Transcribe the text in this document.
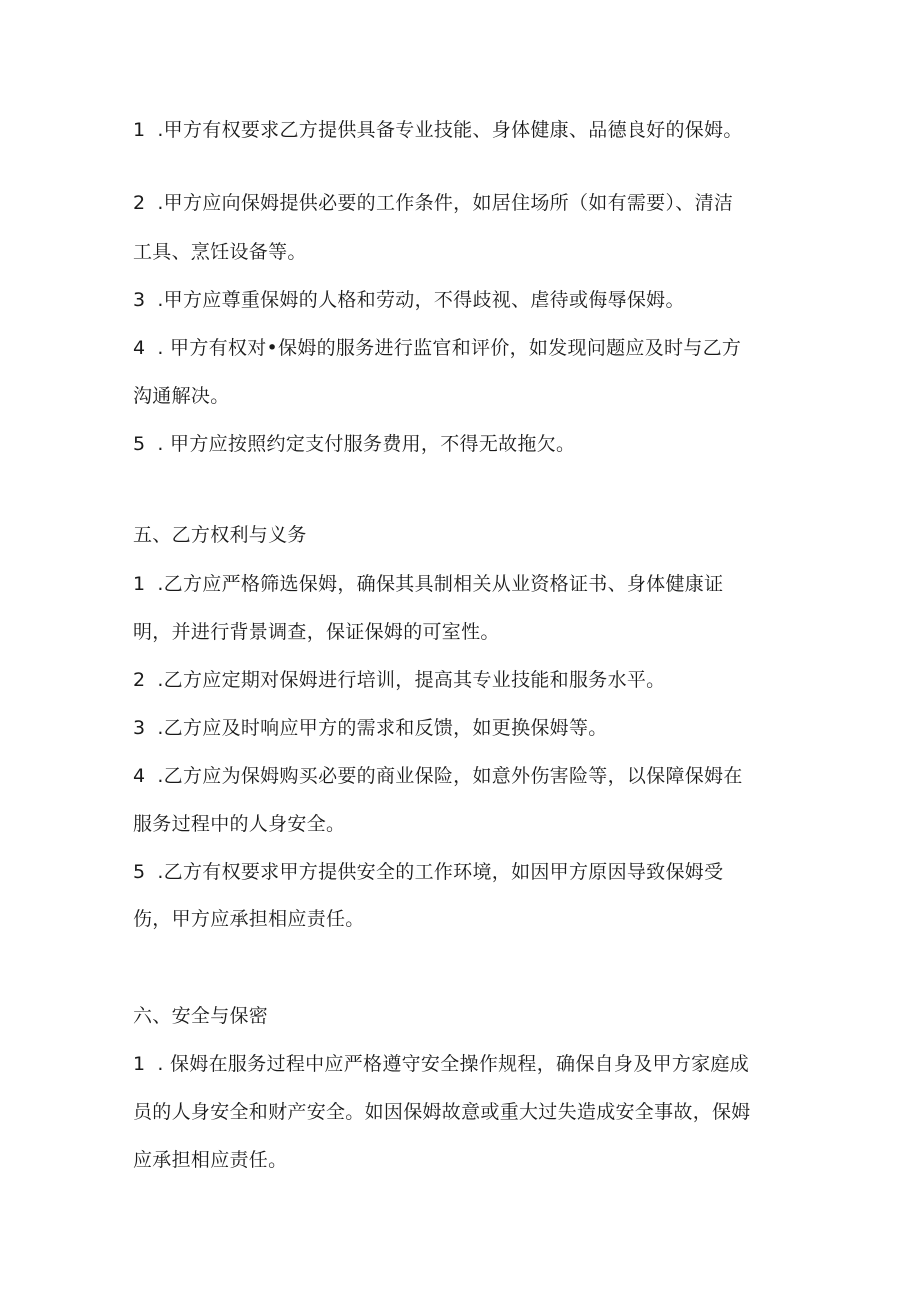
1 .甲方有权要求乙方提供具备专业技能、身体健康、品德良好的保姆。
2 .甲方应向保姆提供必要的工作条件，如居住场所（如有需要）、清洁
工具、烹饪设备等。
3 .甲方应尊重保姆的人格和劳动，不得歧视、虐待或侮辱保姆。
4 . 甲方有权对•保姆的服务进行监官和评价，如发现问题应及时与乙方
沟通解决。
5 . 甲方应按照约定支付服务费用，不得无故拖欠。
五、乙方权利与义务
1 .乙方应严格筛选保姆，确保其具制相关从业资格证书、身体健康证
明，并进行背景调查，保证保姆的可室性。
2 .乙方应定期对保姆进行培训，提高其专业技能和服务水平。
3 .乙方应及时响应甲方的需求和反馈，如更换保姆等。
4 .乙方应为保姆购买必要的商业保险，如意外伤害险等，以保障保姆在
服务过程中的人身安全。
5 .乙方有权要求甲方提供安全的工作环境，如因甲方原因导致保姆受
伤，甲方应承担相应责任。
六、安全与保密
1 . 保姆在服务过程中应严格遵守安全操作规程，确保自身及甲方家庭成
员的人身安全和财产安全。如因保姆故意或重大过失造成安全事故，保姆
应承担相应责任。
